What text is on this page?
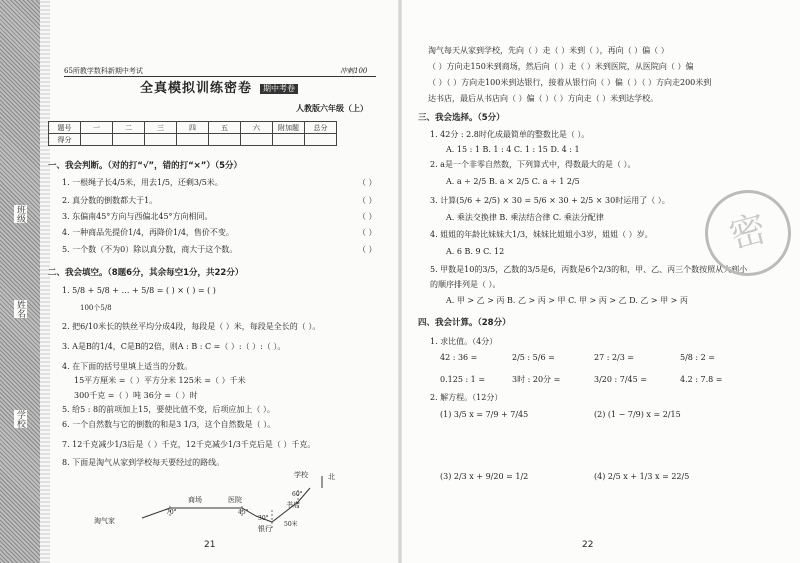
班级
姓名
学校
65所教学数科新期中考试	冲刺100
全真模拟训练密卷	期中考卷
人教版六年级（上）
题号	一	二	三	四	五	六	附加题	总分
得分								
一、我会判断。（对的打“√”，错的打“×”）（5分）
1. 一根绳子长4/5米，用去1/5，还剩3/5米。
2. 真分数的倒数都大于1。
3. 东偏南45°方向与西偏北45°方向相同。
4. 一种商品先提价1/4，再降价1/4，售价不变。
5. 一个数（不为0）除以真分数，商大于这个数。
（ ）
（ ）
（ ）
（ ）
（ ）
二、我会填空。（8题6分，其余每空1分，共22分）
1. 5/8 + 5/8 + … + 5/8 = ( ) × ( ) = ( )
100个5/8
2. 把6/10米长的铁丝平均分成4段，每段是（ ）米，每段是全长的（ ）。
3. A是B的1/4，C是B的2倍，则A : B : C =（ ）:（ ）:（ ）。
4. 在下面的括号里填上适当的分数。
15平方厘米 =（ ）平方分米 125米 =（ ）千米
300千克 =（ ）吨 36分 =（ ）时
5. 给5 : 8的前项加上15，要使比值不变，后项应加上（ ）。
6. 一个自然数与它的倒数的和是3 1/3，这个自然数是（ ）。
7. 12千克减少1/3后是（ ）千克，12千克减少1/3千克后是（ ）千克。
8. 下面是淘气从家到学校每天要经过的路线。
淘气家
商场	医院
书店
学校
银行
北
70°	45°
30°
60°
50米
21
淘气每天从家到学校，先向（ ）走（ ）米到（ ），再向（ ）偏（ ）
（ ）方向走150米到商场，然后向（ ）走（ ）米到医院，从医院向（ ）偏
（ ）（ ）方向走100米到达银行，接着从银行向（ ）偏（ ）（ ）方向走200米到
达书店，最后从书店向（ ）偏（ ）（ ）方向走（ ）米到达学校。
三、我会选择。（5分）
1. 42分 : 2.8时化成最简单的整数比是（ ）。
A. 15 : 1 B. 1 : 4 C. 1 : 15 D. 4 : 1
2. a是一个非零自然数，下列算式中，得数最大的是（ ）。
A. a ÷ 2/5 B. a × 2/5 C. a ÷ 1 2/5
3. 计算(5/6 + 2/5) × 30 = 5/6 × 30 + 2/5 × 30时运用了（ ）。
A. 乘法交换律 B. 乘法结合律 C. 乘法分配律
4. 姐姐的年龄比妹妹大1/3，妹妹比姐姐小3岁，姐姐（ ）岁。
A. 6 B. 9 C. 12
5. 甲数是10的3/5，乙数的3/5是6，丙数是6个2/3的和，甲、乙、丙三个数按照从大到小
的顺序排列是（ ）。
A. 甲 > 乙 > 丙 B. 乙 > 丙 > 甲 C. 甲 > 丙 > 乙 D. 乙 > 甲 > 丙
四、我会计算。（28分）
1. 求比值。（4分）
42 : 36 =	2/5 : 5/6 =	27 : 2/3 =	5/8 : 2 =
0.125 : 1 =	3时 : 20分 =	3/20 : 7/45 =	4.2 : 7.8 =
2. 解方程。（12分）
(1) 3/5 x = 7/9 + 7/45	(2) (1 − 7/9) x = 2/15
(3) 2/3 x + 9/20 = 1/2	(4) 2/5 x + 1/3 x = 22/5
密
22
